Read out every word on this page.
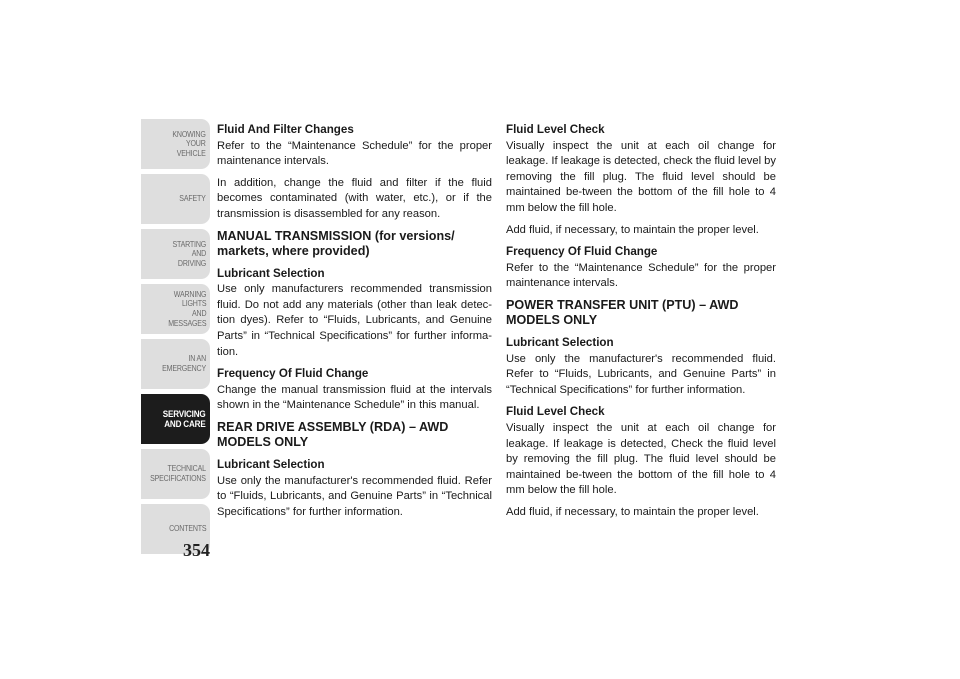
KNOWING
YOUR
VEHICLE
SAFETY
STARTING
AND
DRIVING
WARNING
LIGHTS
AND
MESSAGES
IN AN
EMERGENCY
SERVICING
AND CARE
TECHNICAL
SPECIFICATIONS
CONTENTS
354
Fluid And Filter Changes

Refer to the “Maintenance Schedule” for the proper maintenance intervals.

In addition, change the fluid and filter if the fluid becomes contaminated (with water, etc.), or if the transmission is disassembled for any reason.

MANUAL TRANSMISSION (for versions/ markets, where provided)
Lubricant Selection

Use only manufacturers recommended transmission fluid. Do not add any materials (other than leak detec-tion dyes). Refer to “Fluids, Lubricants, and Genuine Parts” in “Technical Specifications” for further informa-tion.

Frequency Of Fluid Change

Change the manual transmission fluid at the intervals shown in the “Maintenance Schedule” in this manual.

REAR DRIVE ASSEMBLY (RDA) – AWD MODELS ONLY
Lubricant Selection

Use only the manufacturer's recommended fluid. Refer to “Fluids, Lubricants, and Genuine Parts” in “Technical Specifications” for further information.

Fluid Level Check

Visually inspect the unit at each oil change for leakage. If leakage is detected, check the fluid level by removing the fill plug. The fluid level should be maintained be-tween the bottom of the fill hole to 4 mm below the fill hole.

Add fluid, if necessary, to maintain the proper level.

Frequency Of Fluid Change

Refer to the “Maintenance Schedule” for the proper maintenance intervals.

POWER TRANSFER UNIT (PTU) – AWD MODELS ONLY
Lubricant Selection

Use only the manufacturer's recommended fluid. Refer to “Fluids, Lubricants, and Genuine Parts” in “Technical Specifications” for further information.

Fluid Level Check

Visually inspect the unit at each oil change for leakage. If leakage is detected, Check the fluid level by removing the fill plug. The fluid level should be maintained be-tween the bottom of the fill hole to 4 mm below the fill hole.

Add fluid, if necessary, to maintain the proper level.
